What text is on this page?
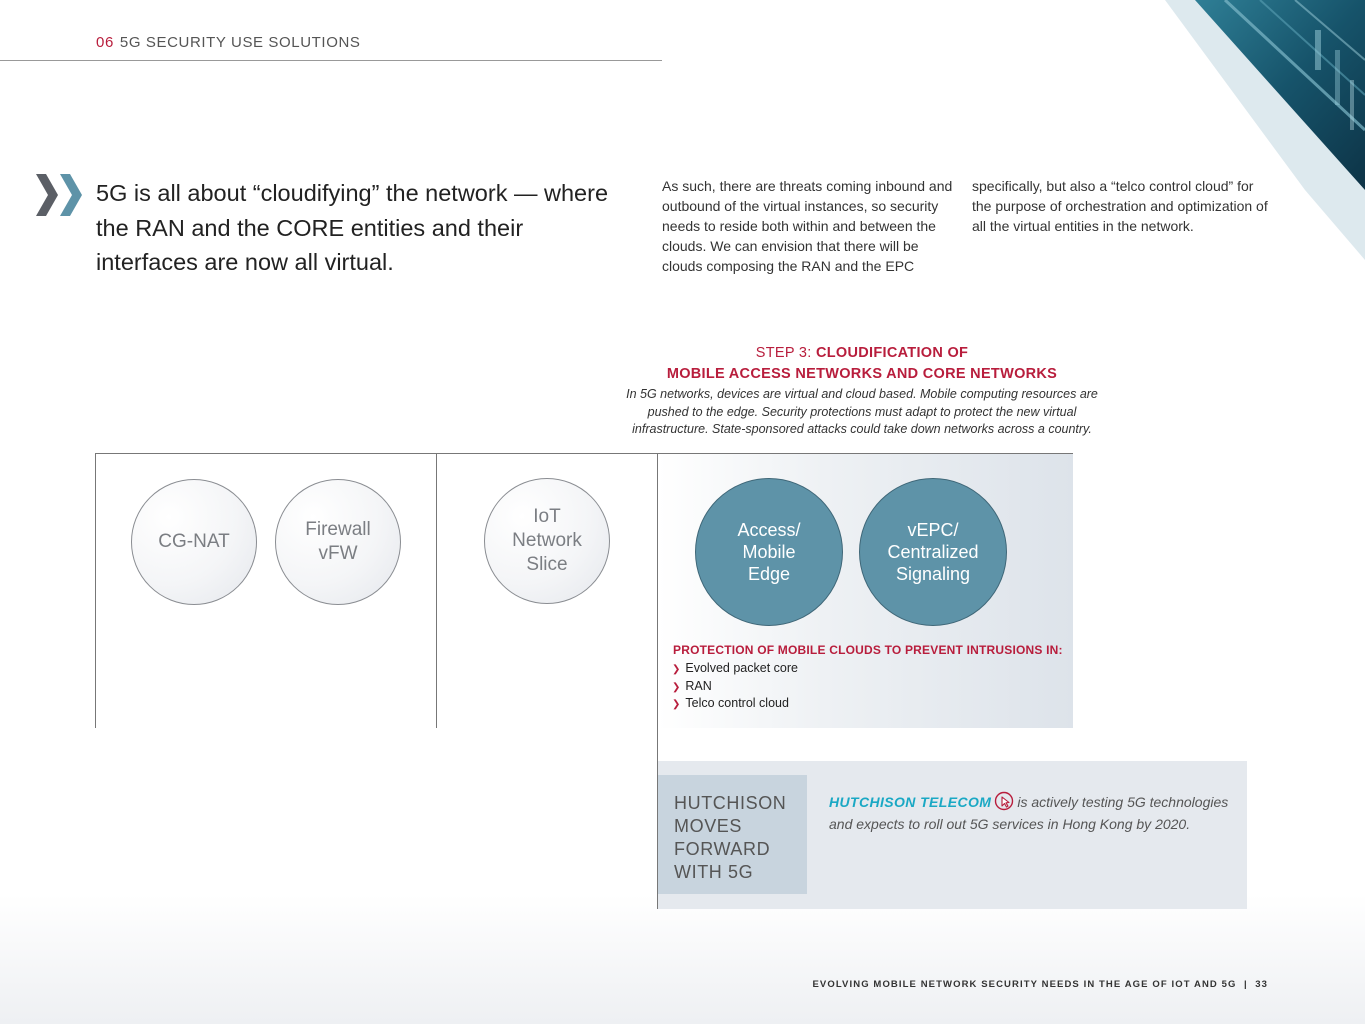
06 5G SECURITY USE SOLUTIONS
5G is all about “cloudifying” the network — where the RAN and the CORE entities and their interfaces are now all virtual.
As such, there are threats coming inbound and outbound of the virtual instances, so security needs to reside both within and between the clouds. We can envision that there will be clouds composing the RAN and the EPC
specifically, but also a “telco control cloud” for the purpose of orchestration and optimization of all the virtual entities in the network.
STEP 3: CLOUDIFICATION OF
MOBILE ACCESS NETWORKS AND CORE NETWORKS
In 5G networks, devices are virtual and cloud based. Mobile computing resources are pushed to the edge. Security protections must adapt to protect the new virtual infrastructure. State-sponsored attacks could take down networks across a country.
CG-NAT
Firewall
vFW
IoT
Network
Slice
Access/
Mobile
Edge
vEPC/
Centralized
Signaling
PROTECTION OF MOBILE CLOUDS TO PREVENT INTRUSIONS IN:
❯ Evolved packet core
❯ RAN
❯ Telco control cloud
HUTCHISON
MOVES
FORWARD
WITH 5G
HUTCHISON TELECOM is actively testing 5G technologies and expects to roll out 5G services in Hong Kong by 2020.
EVOLVING MOBILE NETWORK SECURITY NEEDS IN THE AGE OF IOT AND 5G  |  33
